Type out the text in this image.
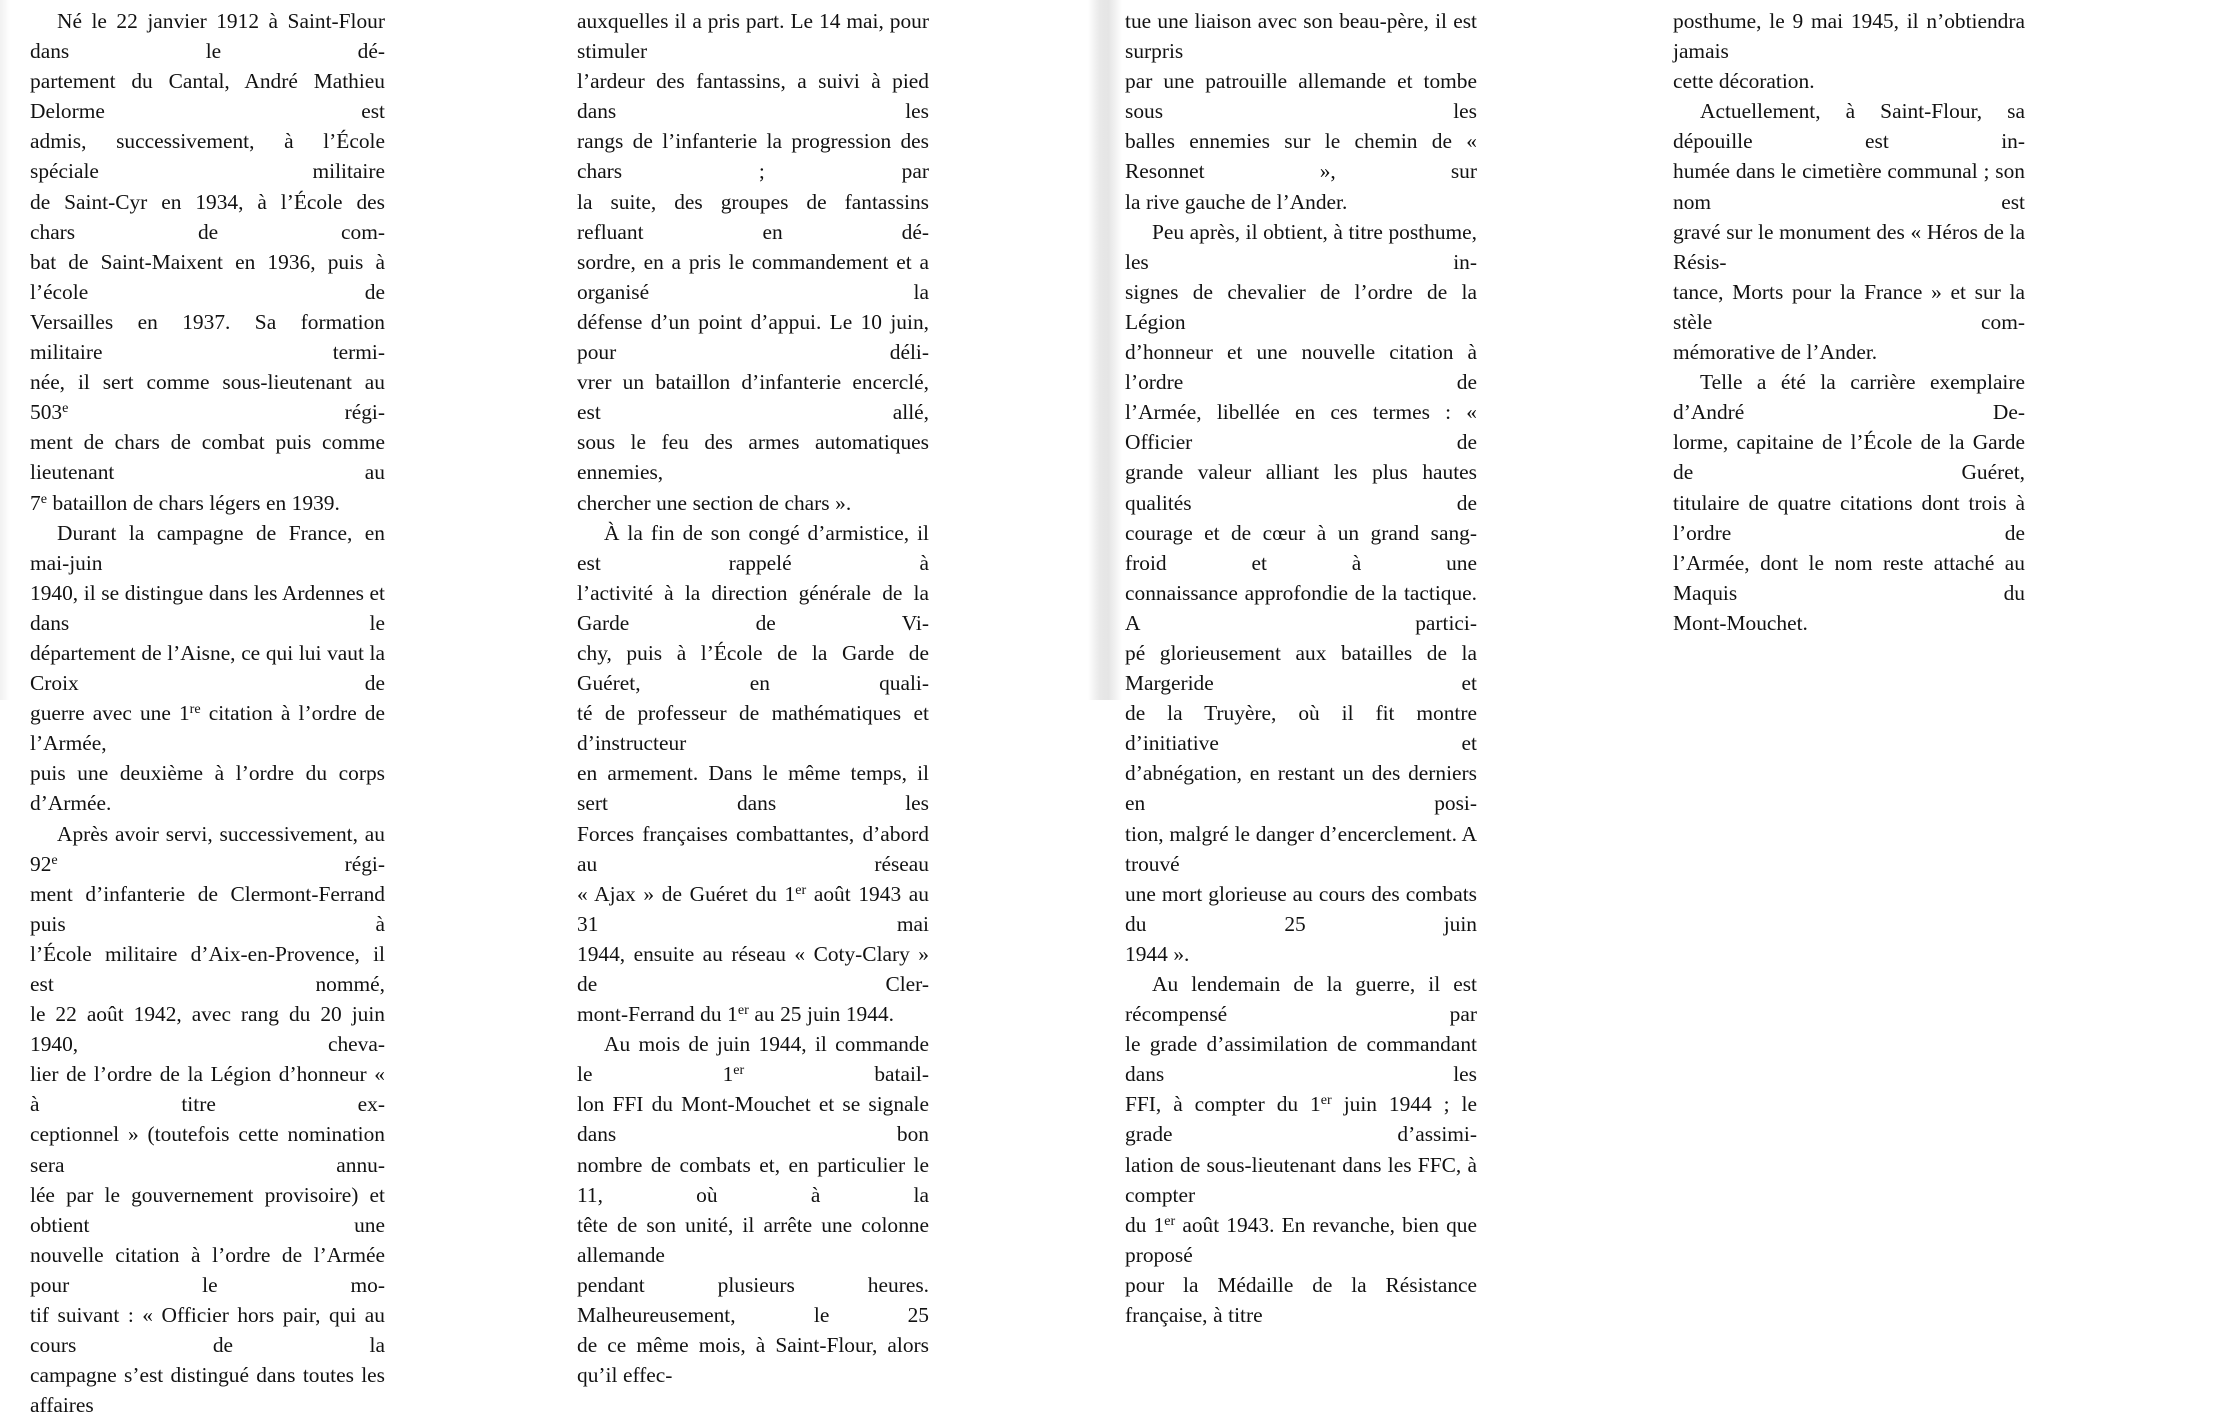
Né le 22 janvier 1912 à Saint-Flour dans le dé-partement du Cantal, André Mathieu Delorme estadmis, successivement, à l’École spéciale militairede Saint-Cyr en 1934, à l’École des chars de com-bat de Saint-Maixent en 1936, puis à l’école deVersailles en 1937. Sa formation militaire termi-née, il sert comme sous-lieutenant au 503e régi-ment de chars de combat puis comme lieutenant au7e bataillon de chars légers en 1939.

Durant la campagne de France, en mai-juin1940, il se distingue dans les Ardennes et dans ledépartement de l’Aisne, ce qui lui vaut la Croix deguerre avec une 1re citation à l’ordre de l’Armée,puis une deuxième à l’ordre du corps d’Armée.

Après avoir servi, successivement, au 92e régi-ment d’infanterie de Clermont-Ferrand puis àl’École militaire d’Aix-en-Provence, il est nommé,le 22 août 1942, avec rang du 20 juin 1940, cheva-lier de l’ordre de la Légion d’honneur « à titre ex-ceptionnel » (toutefois cette nomination sera annu-lée par le gouvernement provisoire) et obtient unenouvelle citation à l’ordre de l’Armée pour le mo-tif suivant : « Officier hors pair, qui au cours de lacampagne s’est distingué dans toutes les affaires

auxquelles il a pris part. Le 14 mai, pour stimulerl’ardeur des fantassins, a suivi à pied dans lesrangs de l’infanterie la progression des chars ; parla suite, des groupes de fantassins refluant en dé-sordre, en a pris le commandement et a organisé ladéfense d’un point d’appui. Le 10 juin, pour déli-vrer un bataillon d’infanterie encerclé, est allé,sous le feu des armes automatiques ennemies,chercher une section de chars ».

À la fin de son congé d’armistice, il est rappelé àl’activité à la direction générale de la Garde de Vi-chy, puis à l’École de la Garde de Guéret, en quali-té de professeur de mathématiques et d’instructeuren armement. Dans le même temps, il sert dans lesForces françaises combattantes, d’abord au réseau« Ajax » de Guéret du 1er août 1943 au 31 mai1944, ensuite au réseau « Coty-Clary » de Cler-mont-Ferrand du 1er au 25 juin 1944.

Au mois de juin 1944, il commande le 1er batail-lon FFI du Mont-Mouchet et se signale dans bonnombre de combats et, en particulier le 11, où à latête de son unité, il arrête une colonne allemandependant plusieurs heures. Malheureusement, le 25de ce même mois, à Saint-Flour, alors qu’il effec-

tue une liaison avec son beau-père, il est surprispar une patrouille allemande et tombe sous lesballes ennemies sur le chemin de « Resonnet », surla rive gauche de l’Ander.

Peu après, il obtient, à titre posthume, les in-signes de chevalier de l’ordre de la Légiond’honneur et une nouvelle citation à l’ordre del’Armée, libellée en ces termes : « Officier degrande valeur alliant les plus hautes qualités decourage et de cœur à un grand sang-froid et à uneconnaissance approfondie de la tactique. A partici-pé glorieusement aux batailles de la Margeride etde la Truyère, où il fit montre d’initiative etd’abnégation, en restant un des derniers en posi-tion, malgré le danger d’encerclement. A trouvéune mort glorieuse au cours des combats du 25 juin1944 ».

Au lendemain de la guerre, il est récompensé parle grade d’assimilation de commandant dans lesFFI, à compter du 1er juin 1944 ; le grade d’assimi-lation de sous-lieutenant dans les FFC, à compterdu 1er août 1943. En revanche, bien que proposépour la Médaille de la Résistance française, à titre

posthume, le 9 mai 1945, il n’obtiendra jamaiscette décoration.

Actuellement, à Saint-Flour, sa dépouille est in-humée dans le cimetière communal ; son nom estgravé sur le monument des « Héros de la Résis-tance, Morts pour la France » et sur la stèle com-mémorative de l’Ander.

Telle a été la carrière exemplaire d’André De-lorme, capitaine de l’École de la Garde de Guéret,titulaire de quatre citations dont trois à l’ordre del’Armée, dont le nom reste attaché au Maquis duMont-Mouchet.
